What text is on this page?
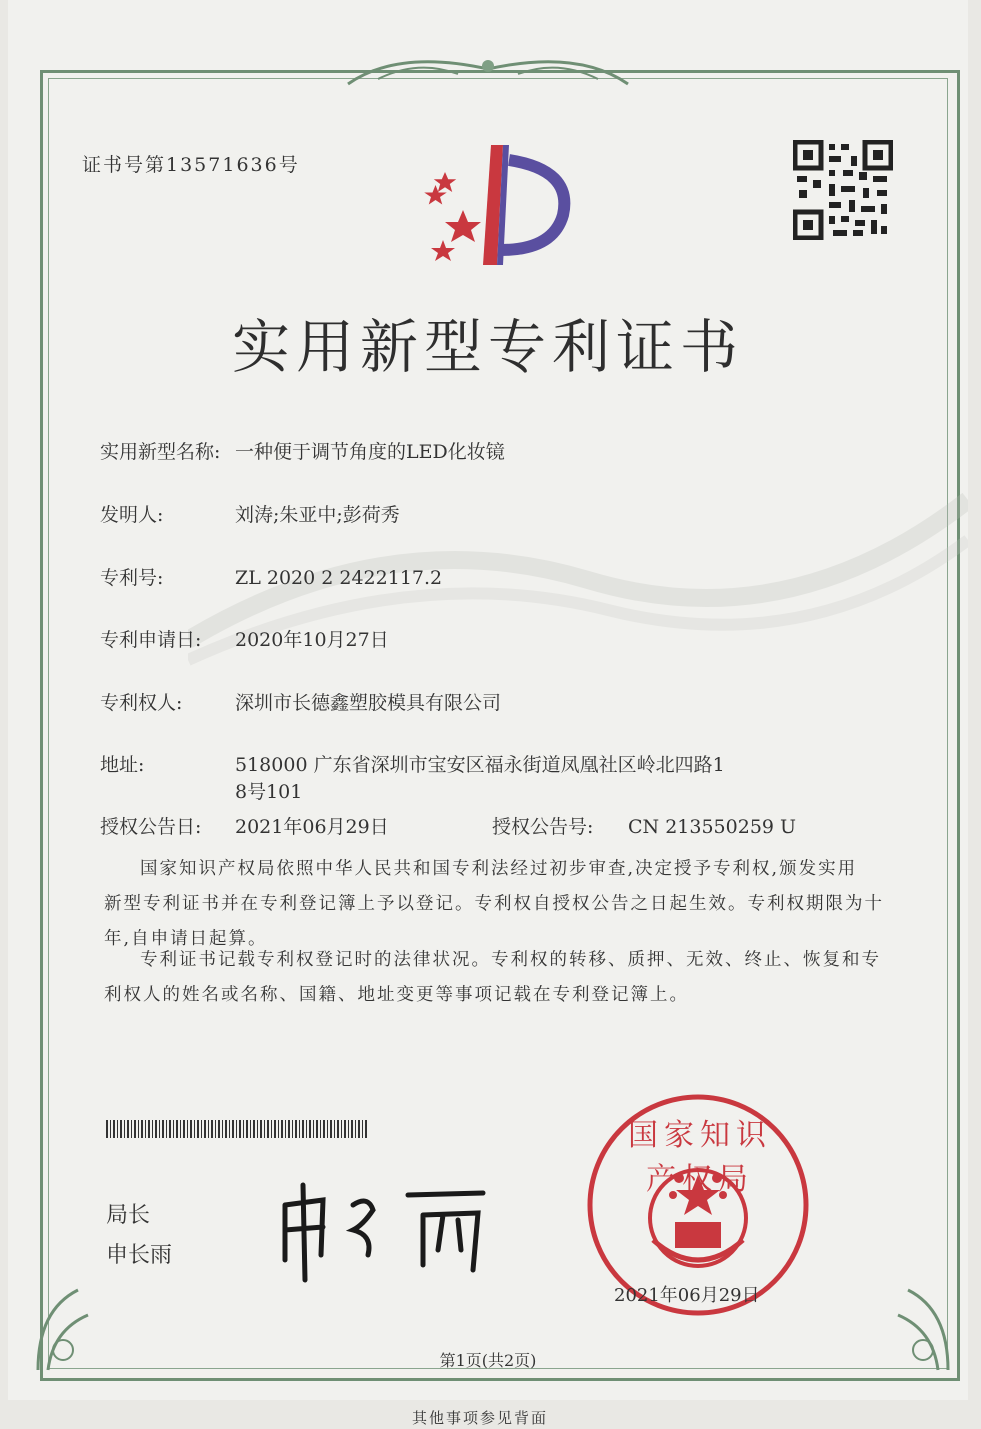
证书号第13571636号
实用新型专利证书
实用新型名称: 一种便于调节角度的LED化妆镜
发明人:	刘涛;朱亚中;彭荷秀
专利号:	ZL 2020 2 2422117.2
专利申请日: 2020年10月27日
专利权人:	深圳市长德鑫塑胶模具有限公司
地址:	518000 广东省深圳市宝安区福永街道凤凰社区岭北四路1
8号101
授权公告日: 2021年06月29日	授权公告号: CN 213550259 U
国家知识产权局依照中华人民共和国专利法经过初步审查,决定授予专利权,颁发实用
新型专利证书并在专利登记簿上予以登记。专利权自授权公告之日起生效。专利权期限为十
年,自申请日起算。
专利证书记载专利权登记时的法律状况。专利权的转移、质押、无效、终止、恢复和专
利权人的姓名或名称、国籍、地址变更等事项记载在专利登记簿上。
局长
申长雨
国家知识产权局
2021年06月29日
第1页(共2页)
其他事项参见背面
